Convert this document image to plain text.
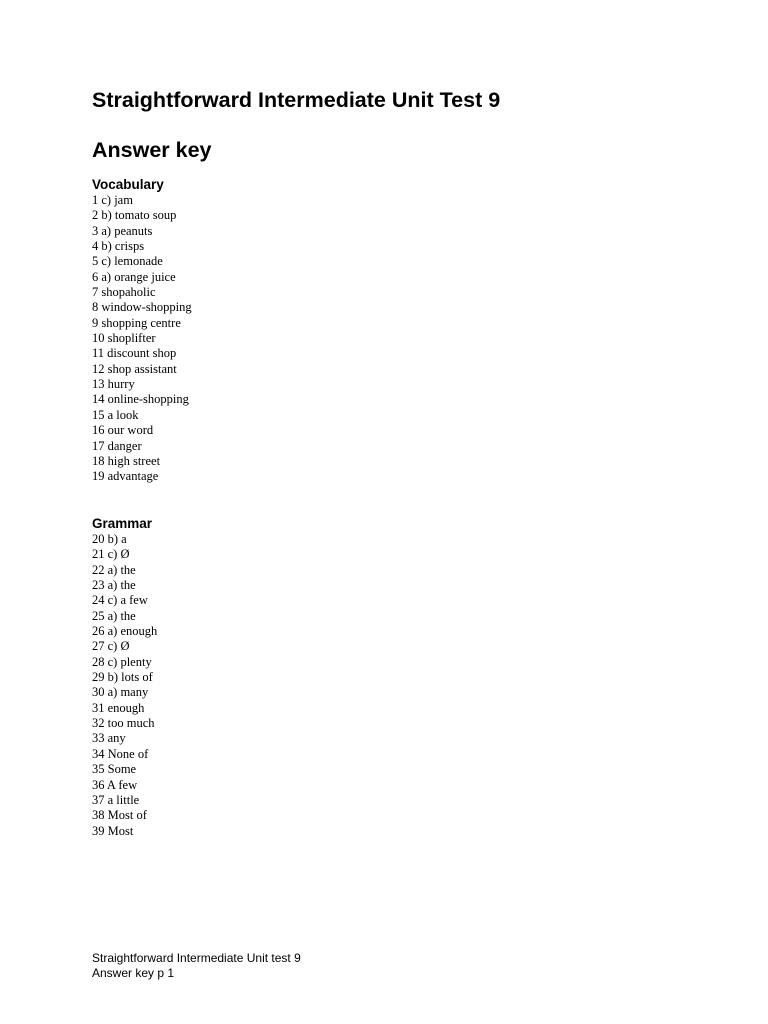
Straightforward Intermediate Unit Test 9
Answer key
Vocabulary
1 c) jam
2 b) tomato soup
3 a) peanuts
4 b) crisps
5 c) lemonade
6 a) orange juice
7 shopaholic
8 window-shopping
9 shopping centre
10 shoplifter
11 discount shop
12 shop assistant
13 hurry
14 online-shopping
15 a look
16 our word
17 danger
18 high street
19 advantage
Grammar
20 b) a
21 c) Ø
22 a) the
23 a) the
24 c) a few
25 a) the
26 a) enough
27 c) Ø
28 c) plenty
29 b) lots of
30 a) many
31 enough
32 too much
33 any
34 None of
35 Some
36 A few
37 a little
38 Most of
39 Most
Straightforward Intermediate Unit test 9
Answer key p 1
